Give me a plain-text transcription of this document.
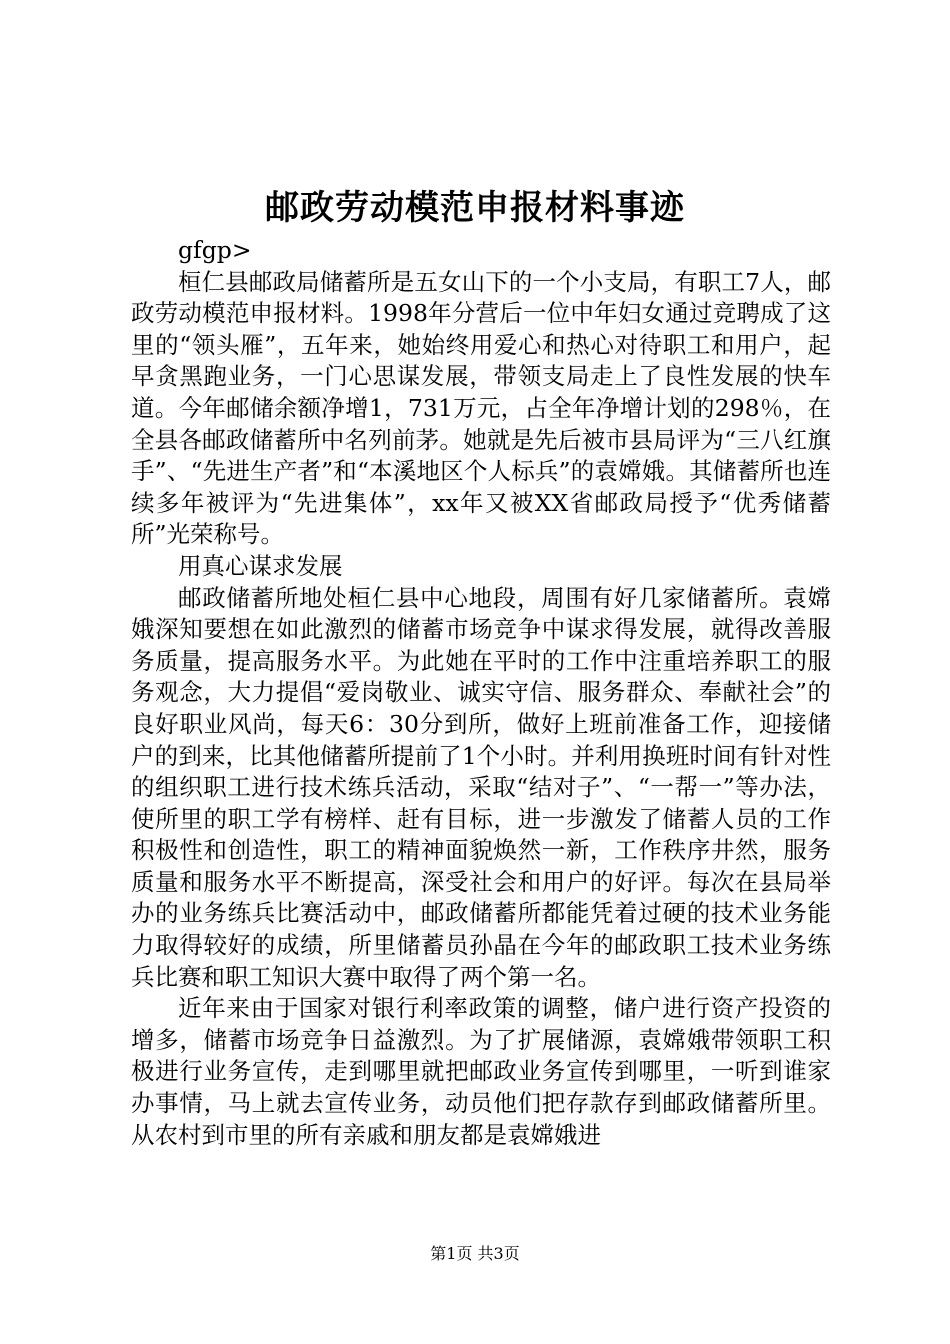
邮政劳动模范申报材料事迹

gfgp>

桓仁县邮政局储蓄所是五女山下的一个小支局，有职工7人，邮政劳动模范申报材料。1998年分营后一位中年妇女通过竞聘成了这里的“领头雁”，五年来，她始终用爱心和热心对待职工和用户，起早贪黑跑业务，一门心思谋发展，带领支局走上了良性发展的快车道。今年邮储余额净增1，731万元，占全年净增计划的298％，在全县各邮政储蓄所中名列前茅。她就是先后被市县局评为“三八红旗手”、“先进生产者”和“本溪地区个人标兵”的袁嫦娥。其储蓄所也连续多年被评为“先进集体”，xx年又被XX省邮政局授予“优秀储蓄所”光荣称号。

用真心谋求发展

邮政储蓄所地处桓仁县中心地段，周围有好几家储蓄所。袁嫦娥深知要想在如此激烈的储蓄市场竞争中谋求得发展，就得改善服务质量，提高服务水平。为此她在平时的工作中注重培养职工的服务观念，大力提倡“爱岗敬业、诚实守信、服务群众、奉献社会”的良好职业风尚，每天6：30分到所，做好上班前准备工作，迎接储户的到来，比其他储蓄所提前了1个小时。并利用换班时间有针对性的组织职工进行技术练兵活动，采取“结对子”、“一帮一”等办法，使所里的职工学有榜样、赶有目标，进一步激发了储蓄人员的工作积极性和创造性，职工的精神面貌焕然一新，工作秩序井然，服务质量和服务水平不断提高，深受社会和用户的好评。每次在县局举办的业务练兵比赛活动中，邮政储蓄所都能凭着过硬的技术业务能力取得较好的成绩，所里储蓄员孙晶在今年的邮政职工技术业务练兵比赛和职工知识大赛中取得了两个第一名。

近年来由于国家对银行利率政策的调整，储户进行资产投资的增多，储蓄市场竞争日益激烈。为了扩展储源，袁嫦娥带领职工积极进行业务宣传，走到哪里就把邮政业务宣传到哪里，一听到谁家办事情，马上就去宣传业务，动员他们把存款存到邮政储蓄所里。从农村到市里的所有亲戚和朋友都是袁嫦娥进

第1页 共3页
